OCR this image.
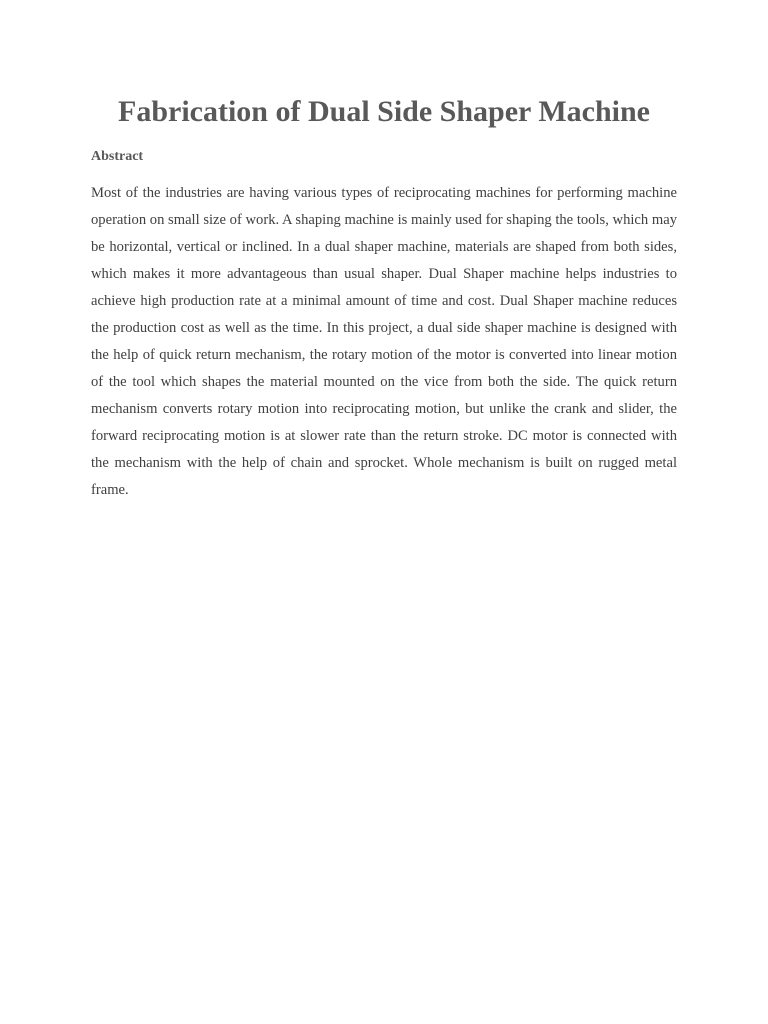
Fabrication of Dual Side Shaper Machine
Abstract

Most of the industries are having various types of reciprocating machines for performing machine operation on small size of work. A shaping machine is mainly used for shaping the tools, which may be horizontal, vertical or inclined. In a dual shaper machine, materials are shaped from both sides, which makes it more advantageous than usual shaper. Dual Shaper machine helps industries to achieve high production rate at a minimal amount of time and cost. Dual Shaper machine reduces the production cost as well as the time. In this project, a dual side shaper machine is designed with the help of quick return mechanism, the rotary motion of the motor is converted into linear motion of the tool which shapes the material mounted on the vice from both the side. The quick return mechanism converts rotary motion into reciprocating motion, but unlike the crank and slider, the forward reciprocating motion is at slower rate than the return stroke. DC motor is connected with the mechanism with the help of chain and sprocket. Whole mechanism is built on rugged metal frame.
